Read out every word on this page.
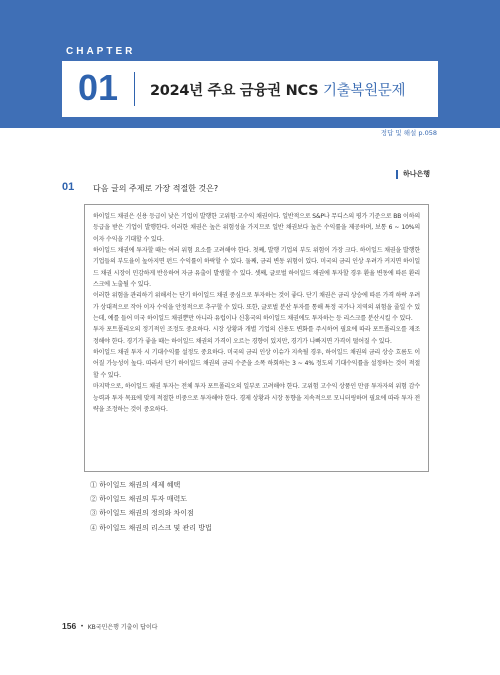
CHAPTER
01 2024년 주요 금융권 NCS 기출복원문제
정답 및 해설 p.058
하나은행
01 다음 글의 주제로 가장 적절한 것은?

하이일드 채권은 신용 등급이 낮은 기업이 발행한 고위험·고수익 채권이다. 일반적으로 S&P나 무디스의 평가 기준으로 BB 이하의 등급을 받은 기업이 발행한다. 이러한 채권은 높은 위험성을 가지므로 일반 채권보다 높은 수익률을 제공하며, 보통 6 ~ 10%의 이자 수익을 기대할 수 있다.

하이일드 채권에 투자할 때는 여러 위험 요소를 고려해야 한다. 첫째, 발행 기업의 부도 위험이 가장 크다. 하이일드 채권을 발행한 기업들의 부도율이 높아지면 펀드 수익률이 하락할 수 있다. 둘째, 금리 변동 위험이 있다. 미국의 금리 인상 우려가 커지면 하이일드 채권 시장이 민감하게 반응하여 자금 유출이 발생할 수 있다. 셋째, 글로벌 하이일드 채권에 투자할 경우 환율 변동에 따른 환리스크에 노출될 수 있다.

이러한 위험을 관리하기 위해서는 단기 하이일드 채권 중심으로 투자하는 것이 좋다. 단기 채권은 금리 상승에 따른 가격 하락 우려가 상대적으로 작아 이자 수익을 안정적으로 추구할 수 있다. 또한, 글로벌 분산 투자를 통해 특정 국가나 지역의 위험을 줄일 수 있는데, 예를 들어 미국 하이일드 채권뿐만 아니라 유럽이나 신흥국의 하이일드 채권에도 투자하는 등 리스크를 분산시킬 수 있다.

투자 포트폴리오의 정기적인 조정도 중요하다. 시장 상황과 개별 기업의 신용도 변화를 주시하여 필요에 따라 포트폴리오를 재조정해야 한다. 경기가 좋을 때는 하이일드 채권의 가격이 오르는 경향이 있지만, 경기가 나빠지면 가격이 떨어질 수 있다.

하이일드 채권 투자 시 기대수익률 설정도 중요하다. 미국의 금리 인상 이슈가 지속될 경우, 하이일드 채권의 금리 상승 흐름도 이어질 가능성이 높다. 따라서 단기 하이일드 채권의 금리 수준을 소폭 하회하는 3 ~ 4% 정도의 기대수익률을 설정하는 것이 적절할 수 있다.

마지막으로, 하이일드 채권 투자는 전체 투자 포트폴리오의 일부로 고려해야 한다. 고위험 고수익 상품인 만큼 투자자의 위험 감수 능력과 투자 목표에 맞게 적절한 비중으로 투자해야 한다. 경제 상황과 시장 동향을 지속적으로 모니터링하며 필요에 따라 투자 전략을 조정하는 것이 중요하다.

① 하이일드 채권의 세제 혜택
② 하이일드 채권의 투자 매력도
③ 하이일드 채권의 정의와 차이점
④ 하이일드 채권의 리스크 및 관리 방법
156 • KB국민은행 기출이 답이다
